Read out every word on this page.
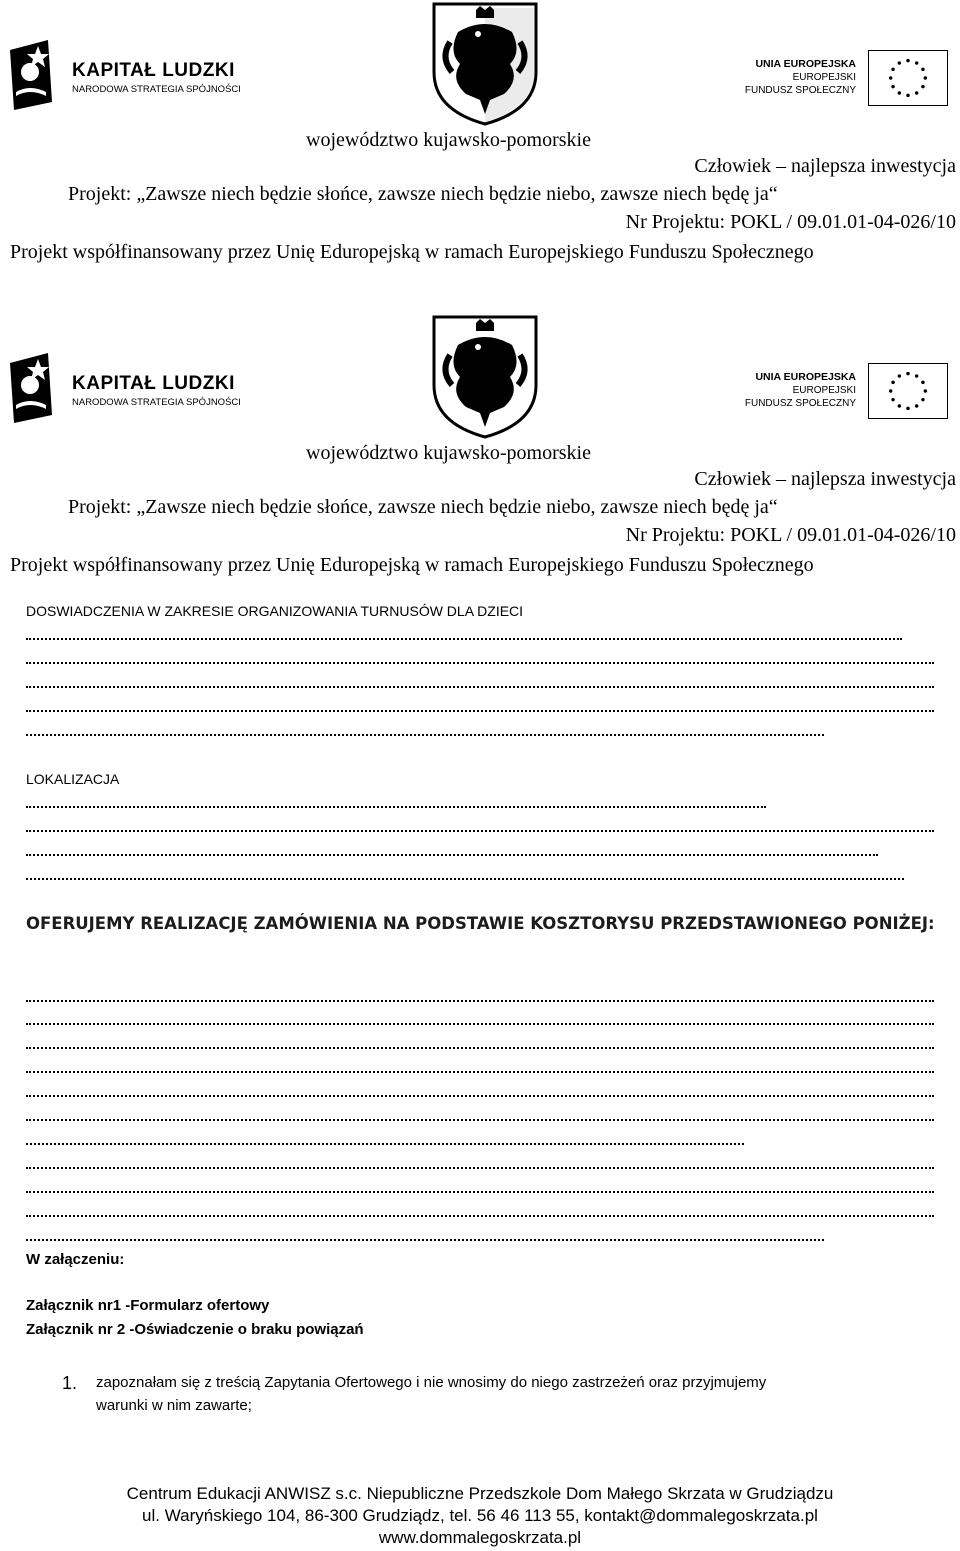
KAPITAŁ LUDZKI
NARODOWA STRATEGIA SPÓJNOŚCI
UNIA EUROPEJSKA
EUROPEJSKI
FUNDUSZ SPOŁECZNY
województwo kujawsko-pomorskie
Człowiek – najlepsza inwestycja
Projekt: „Zawsze niech będzie słońce, zawsze niech będzie niebo, zawsze niech będę ja“
Nr Projektu: POKL / 09.01.01-04-026/10
Projekt współfinansowany przez Unię Eduropejską w ramach Europejskiego Funduszu Społecznego
KAPITAŁ LUDZKI
NARODOWA STRATEGIA SPÓJNOŚCI
UNIA EUROPEJSKA
EUROPEJSKI
FUNDUSZ SPOŁECZNY
województwo kujawsko-pomorskie
Człowiek – najlepsza inwestycja
Projekt: „Zawsze niech będzie słońce, zawsze niech będzie niebo, zawsze niech będę ja“
Nr Projektu: POKL / 09.01.01-04-026/10
Projekt współfinansowany przez Unię Eduropejską w ramach Europejskiego Funduszu Społecznego
DOSWIADCZENIA W ZAKRESIE ORGANIZOWANIA TURNUSÓW DLA DZIECI
LOKALIZACJA
OFERUJEMY REALIZACJĘ ZAMÓWIENIA NA PODSTAWIE KOSZTORYSU PRZEDSTAWIONEGO PONIŻEJ:
W załączeniu:
Załącznik nr1 -Formularz ofertowy
Załącznik nr 2 -Oświadczenie o braku powiązań
1. zapoznałam się z treścią Zapytania Ofertowego i nie wnosimy do niego zastrzeżeń oraz przyjmujemy
warunki w nim zawarte;
Centrum Edukacji ANWISZ s.c. Niepubliczne Przedszkole Dom Małego Skrzata w Grudziądzu
ul. Waryńskiego 104, 86-300 Grudziądz, tel. 56 46 113 55, kontakt@dommalegoskrzata.pl
www.dommalegoskrzata.pl
